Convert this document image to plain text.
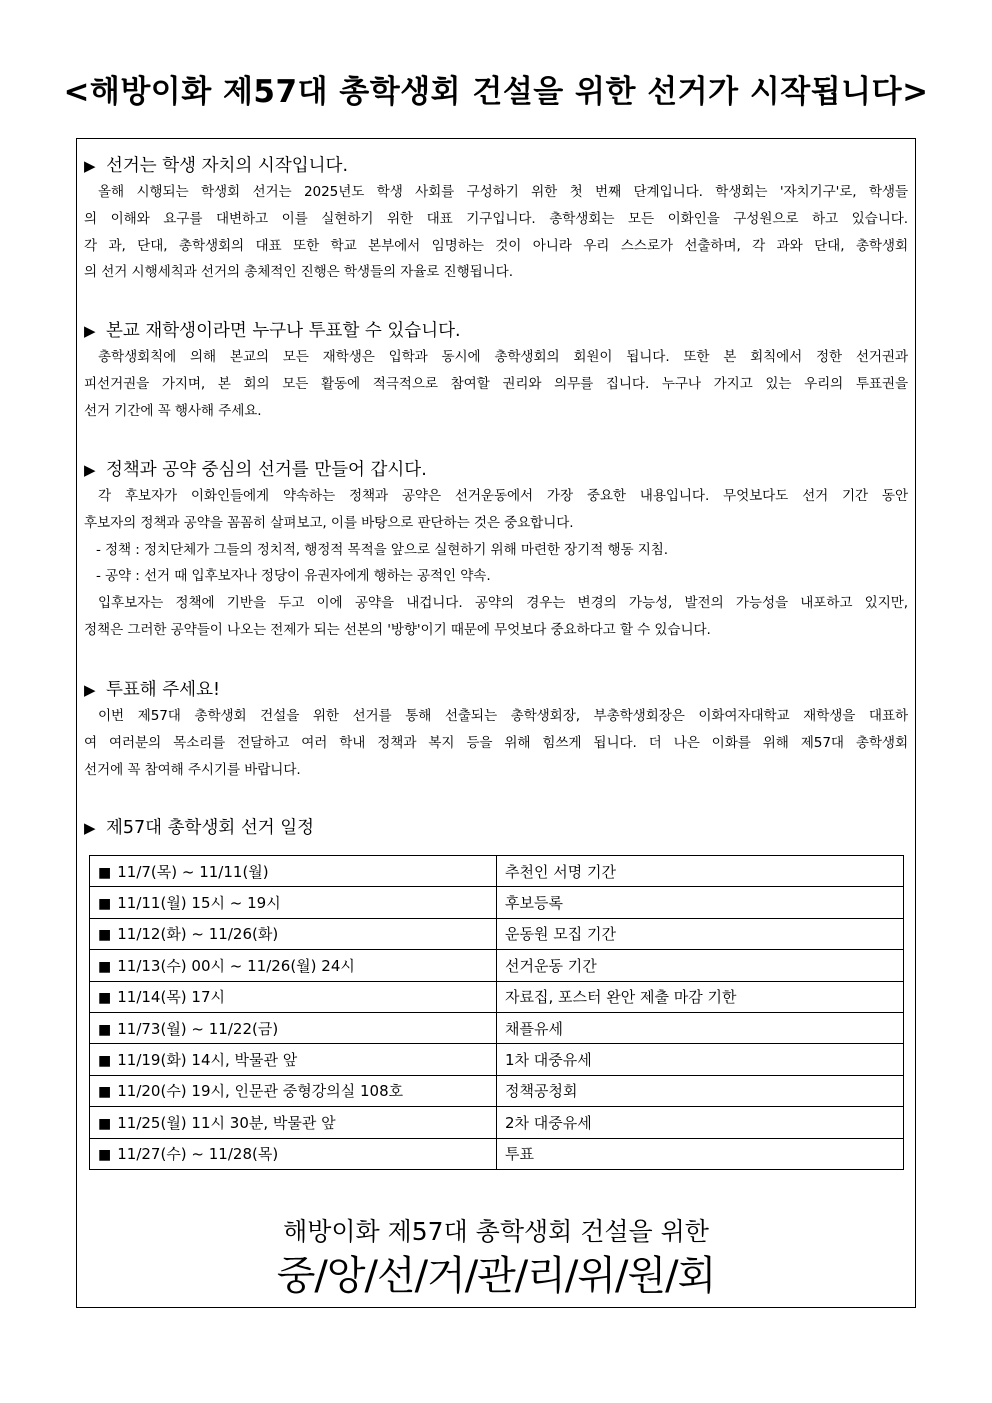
<해방이화 제57대 총학생회 건설을 위한 선거가 시작됩니다>
▶ 선거는 학생 자치의 시작입니다.
올해 시행되는 학생회 선거는 2025년도 학생 사회를 구성하기 위한 첫 번째 단계입니다. 학생회는 '자치기구'로, 학생들
의 이해와 요구를 대변하고 이를 실현하기 위한 대표 기구입니다. 총학생회는 모든 이화인을 구성원으로 하고 있습니다.
각 과, 단대, 총학생회의 대표 또한 학교 본부에서 임명하는 것이 아니라 우리 스스로가 선출하며, 각 과와 단대, 총학생회
의 선거 시행세칙과 선거의 총체적인 진행은 학생들의 자율로 진행됩니다.
▶ 본교 재학생이라면 누구나 투표할 수 있습니다.
총학생회칙에 의해 본교의 모든 재학생은 입학과 동시에 총학생회의 회원이 됩니다. 또한 본 회칙에서 정한 선거권과
피선거권을 가지며, 본 회의 모든 활동에 적극적으로 참여할 권리와 의무를 집니다. 누구나 가지고 있는 우리의 투표권을
선거 기간에 꼭 행사해 주세요.
▶ 정책과 공약 중심의 선거를 만들어 갑시다.
각 후보자가 이화인들에게 약속하는 정책과 공약은 선거운동에서 가장 중요한 내용입니다. 무엇보다도 선거 기간 동안
후보자의 정책과 공약을 꼼꼼히 살펴보고, 이를 바탕으로 판단하는 것은 중요합니다.
- 정책 : 정치단체가 그들의 정치적, 행정적 목적을 앞으로 실현하기 위해 마련한 장기적 행동 지침.
- 공약 : 선거 때 입후보자나 정당이 유권자에게 행하는 공적인 약속.
입후보자는 정책에 기반을 두고 이에 공약을 내겁니다. 공약의 경우는 변경의 가능성, 발전의 가능성을 내포하고 있지만,
정책은 그러한 공약들이 나오는 전제가 되는 선본의 '방향'이기 때문에 무엇보다 중요하다고 할 수 있습니다.
▶ 투표해 주세요!
이번 제57대 총학생회 건설을 위한 선거를 통해 선출되는 총학생회장, 부총학생회장은 이화여자대학교 재학생을 대표하
여 여러분의 목소리를 전달하고 여러 학내 정책과 복지 등을 위해 힘쓰게 됩니다. 더 나은 이화를 위해 제57대 총학생회
선거에 꼭 참여해 주시기를 바랍니다.
▶ 제57대 총학생회 선거 일정
■ 11/7(목) ~ 11/11(월)	추천인 서명 기간
■ 11/11(월) 15시 ~ 19시	후보등록
■ 11/12(화) ~ 11/26(화)	운동원 모집 기간
■ 11/13(수) 00시 ~ 11/26(월) 24시	선거운동 기간
■ 11/14(목) 17시	자료집, 포스터 완안 제출 마감 기한
■ 11/73(월) ~ 11/22(금)	채플유세
■ 11/19(화) 14시, 박물관 앞	1차 대중유세
■ 11/20(수) 19시, 인문관 중형강의실 108호	정책공청회
■ 11/25(월) 11시 30분, 박물관 앞	2차 대중유세
■ 11/27(수) ~ 11/28(목)	투표
해방이화 제57대 총학생회 건설을 위한
중/앙/선/거/관/리/위/원/회
